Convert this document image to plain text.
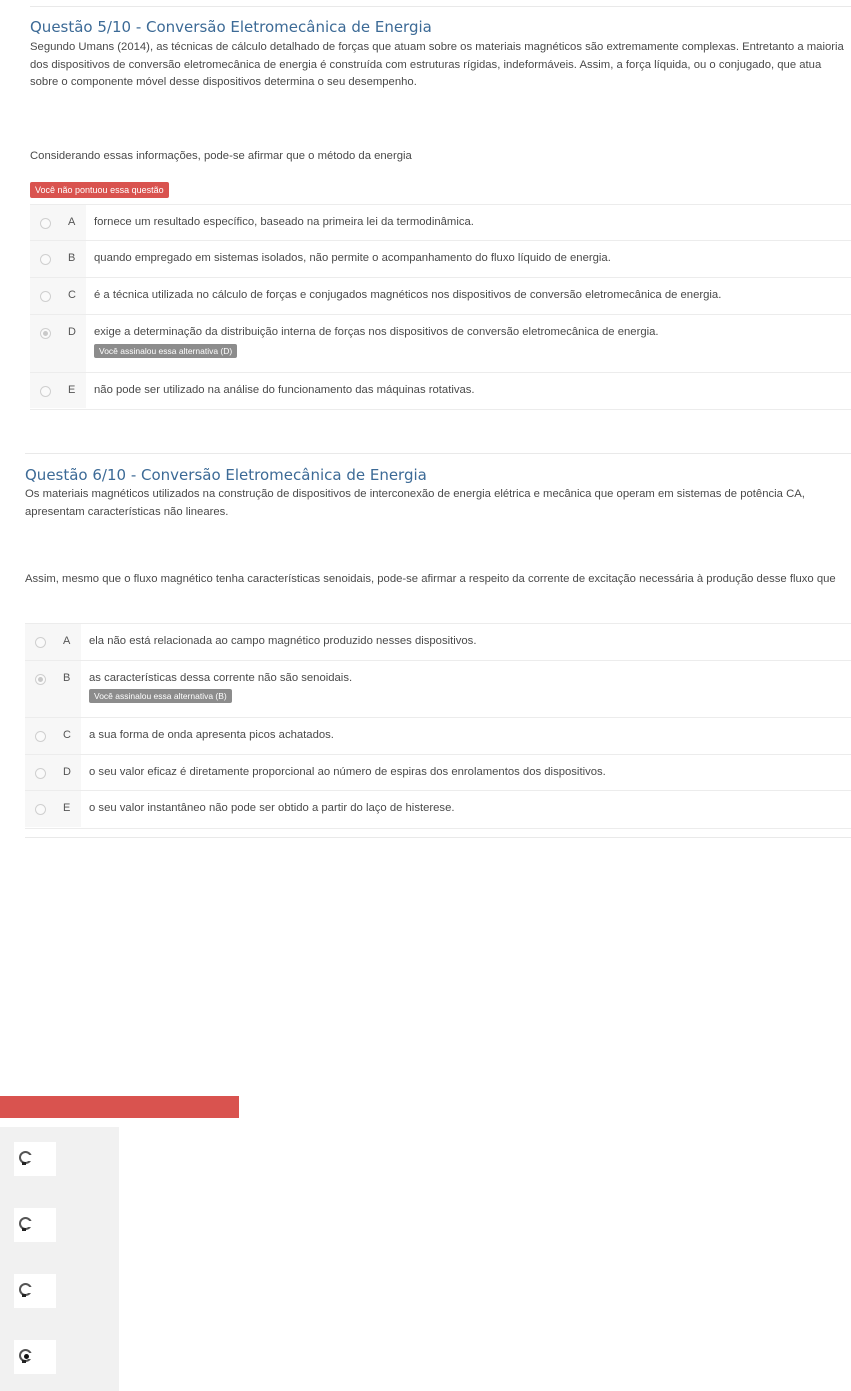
Questão 5/10 - Conversão Eletromecânica de Energia

Segundo Umans (2014), as técnicas de cálculo detalhado de forças que atuam sobre os materiais magnéticos são extremamente complexas. Entretanto a maioria dos dispositivos de conversão eletromecânica de energia é construída com estruturas rígidas, indeformáveis. Assim, a força líquida, ou o conjugado, que atua sobre o componente móvel desse dispositivos determina o seu desempenho.

Considerando essas informações, pode-se afirmar que o método da energia

Você não pontuou essa questão
A fornece um resultado específico, baseado na primeira lei da termodinâmica.
B quando empregado em sistemas isolados, não permite o acompanhamento do fluxo líquido de energia.
C é a técnica utilizada no cálculo de forças e conjugados magnéticos nos dispositivos de conversão eletromecânica de energia.
D exige a determinação da distribuição interna de forças nos dispositivos de conversão eletromecânica de energia.
Você assinalou essa alternativa (D)
E não pode ser utilizado na análise do funcionamento das máquinas rotativas.
Questão 6/10 - Conversão Eletromecânica de Energia

Os materiais magnéticos utilizados na construção de dispositivos de interconexão de energia elétrica e mecânica que operam em sistemas de potência CA, apresentam características não lineares.

Assim, mesmo que o fluxo magnético tenha características senoidais, pode-se afirmar a respeito da corrente de excitação necessária à produção desse fluxo que

A ela não está relacionada ao campo magnético produzido nesses dispositivos.
B as características dessa corrente não são senoidais.
Você assinalou essa alternativa (B)
C a sua forma de onda apresenta picos achatados.
D o seu valor eficaz é diretamente proporcional ao número de espiras dos enrolamentos dos dispositivos.
E o seu valor instantâneo não pode ser obtido a partir do laço de histerese.
